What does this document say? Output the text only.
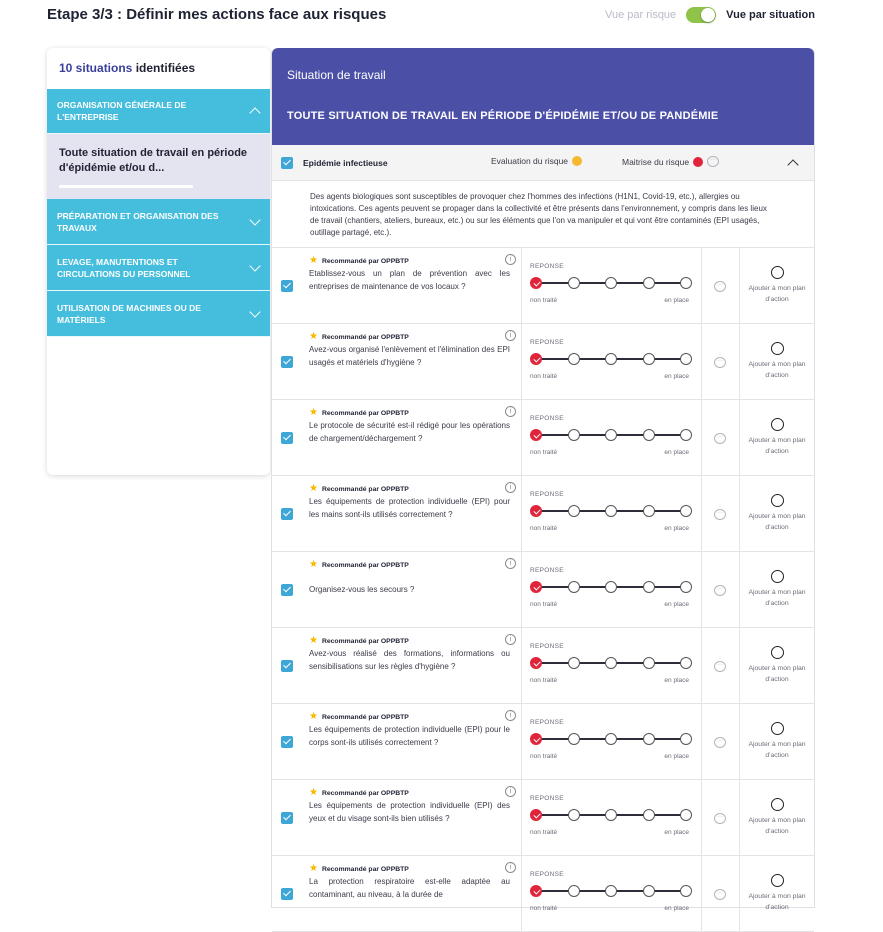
Etape 3/3 : Définir mes actions face aux risques	Vue par risque	Vue par situation
10 situations identifiées
ORGANISATION GÉNÉRALE DE L'ENTREPRISE
Toute situation de travail en période d'épidémie et/ou d...
PRÉPARATION ET ORGANISATION DES TRAVAUX
LEVAGE, MANUTENTIONS ET CIRCULATIONS DU PERSONNEL
UTILISATION DE MACHINES OU DE MATÉRIELS
Situation de travail
TOUTE SITUATION DE TRAVAIL EN PÉRIODE D'ÉPIDÉMIE ET/OU DE PANDÉMIE
Epidémie infectieuse	Evaluation du risque	Maitrise du risque	···
Des agents biologiques sont susceptibles de provoquer chez l'hommes des infections (H1N1, Covid-19, etc.), allergies ou intoxications. Ces agents peuvent se propager dans la collectivité et être présents dans l'environnement, y compris dans les lieux de travail (chantiers, ateliers, bureaux, etc.) ou sur les éléments que l'on va manipuler et qui vont être contaminés (EPI usagés, outillage partagé, etc.).
★ Recommandé par OPPBTP	i
Etablissez-vous un plan de prévention avec les entreprises de maintenance de vos locaux ?
REPONSE
non traité	en place
···	Ajouter à mon plan d'action
★ Recommandé par OPPBTP	i
Avez-vous organisé l'enlèvement et l'élimination des EPI usagés et matériels d'hygiène ?
REPONSE
non traité	en place
···	Ajouter à mon plan d'action
★ Recommandé par OPPBTP	i
Le protocole de sécurité est-il rédigé pour les opérations de chargement/déchargement ?
REPONSE
non traité	en place
···	Ajouter à mon plan d'action
★ Recommandé par OPPBTP	i
Les équipements de protection individuelle (EPI) pour les mains sont-ils utilisés correctement ?
REPONSE
non traité	en place
···	Ajouter à mon plan d'action
★ Recommandé par OPPBTP	i
Organisez-vous les secours ?
REPONSE
non traité	en place
···	Ajouter à mon plan d'action
★ Recommandé par OPPBTP	i
Avez-vous réalisé des formations, informations ou sensibilisations sur les règles d'hygiène ?
REPONSE
non traité	en place
···	Ajouter à mon plan d'action
★ Recommandé par OPPBTP	i
Les équipements de protection individuelle (EPI) pour le corps sont-ils utilisés correctement ?
REPONSE
non traité	en place
···	Ajouter à mon plan d'action
★ Recommandé par OPPBTP	i
Les équipements de protection individuelle (EPI) des yeux et du visage sont-ils bien utilisés ?
REPONSE
non traité	en place
···	Ajouter à mon plan d'action
★ Recommandé par OPPBTP	i
La protection respiratoire est-elle adaptée au contaminant, au niveau, à la durée de
REPONSE
non traité	en place
···	Ajouter à mon plan d'action
